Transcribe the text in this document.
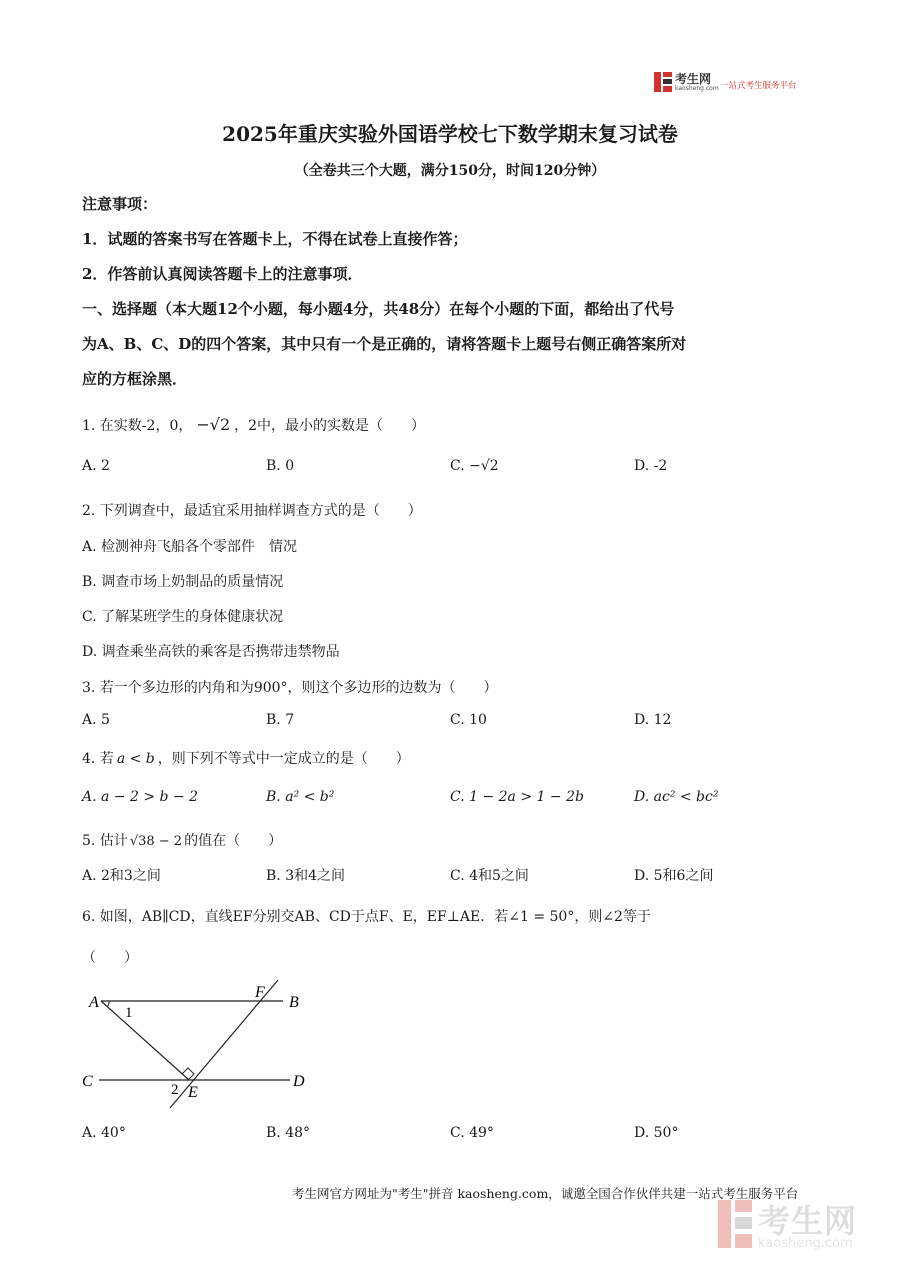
考生网
kaosheng.com 一站式考生服务平台
2025年重庆实验外国语学校七下数学期末复习试卷
（全卷共三个大题，满分150分，时间120分钟）
注意事项：
1．试题的答案书写在答题卡上，不得在试卷上直接作答；
2．作答前认真阅读答题卡上的注意事项．
一、选择题（本大题12个小题，每小题4分，共48分）在每个小题的下面，都给出了代号
为A、B、C、D的四个答案，其中只有一个是正确的，请将答题卡上题号右侧正确答案所对
应的方框涂黑．
1. 在实数-2，0， −√2 ，2中，最小的实数是（　　）
A. 2	B. 0	C. −√2	D. -2
2. 下列调查中，最适宜采用抽样调查方式的是（　　）
A. 检测神舟飞船各个零部件　情况
B. 调查市场上奶制品的质量情况
C. 了解某班学生的身体健康状况
D. 调查乘坐高铁的乘客是否携带违禁物品
3. 若一个多边形的内角和为900°，则这个多边形的边数为（　　）
A. 5	B. 7	C. 10	D. 12
4. 若 a < b ，则下列不等式中一定成立的是（　　）
A. a − 2 > b − 2	B. a² < b²	C. 1 − 2a > 1 − 2b	D. ac² < bc²
5. 估计 √38 − 2 的值在（　　）
A. 2和3之间	B. 3和4之间	C. 4和5之间	D. 5和6之间
6. 如图，AB∥CD，直线EF分别交AB、CD于点F、E，EF⊥AE．若∠1 = 50°，则∠2等于
（　　）
A
F
B
1
C	D
2 E
A. 40°	B. 48°	C. 49°	D. 50°
考生网官方网址为"考生"拼音 kaosheng.com，诚邀全国合作伙伴共建一站式考生服务平台
考生网
kaosheng.com
